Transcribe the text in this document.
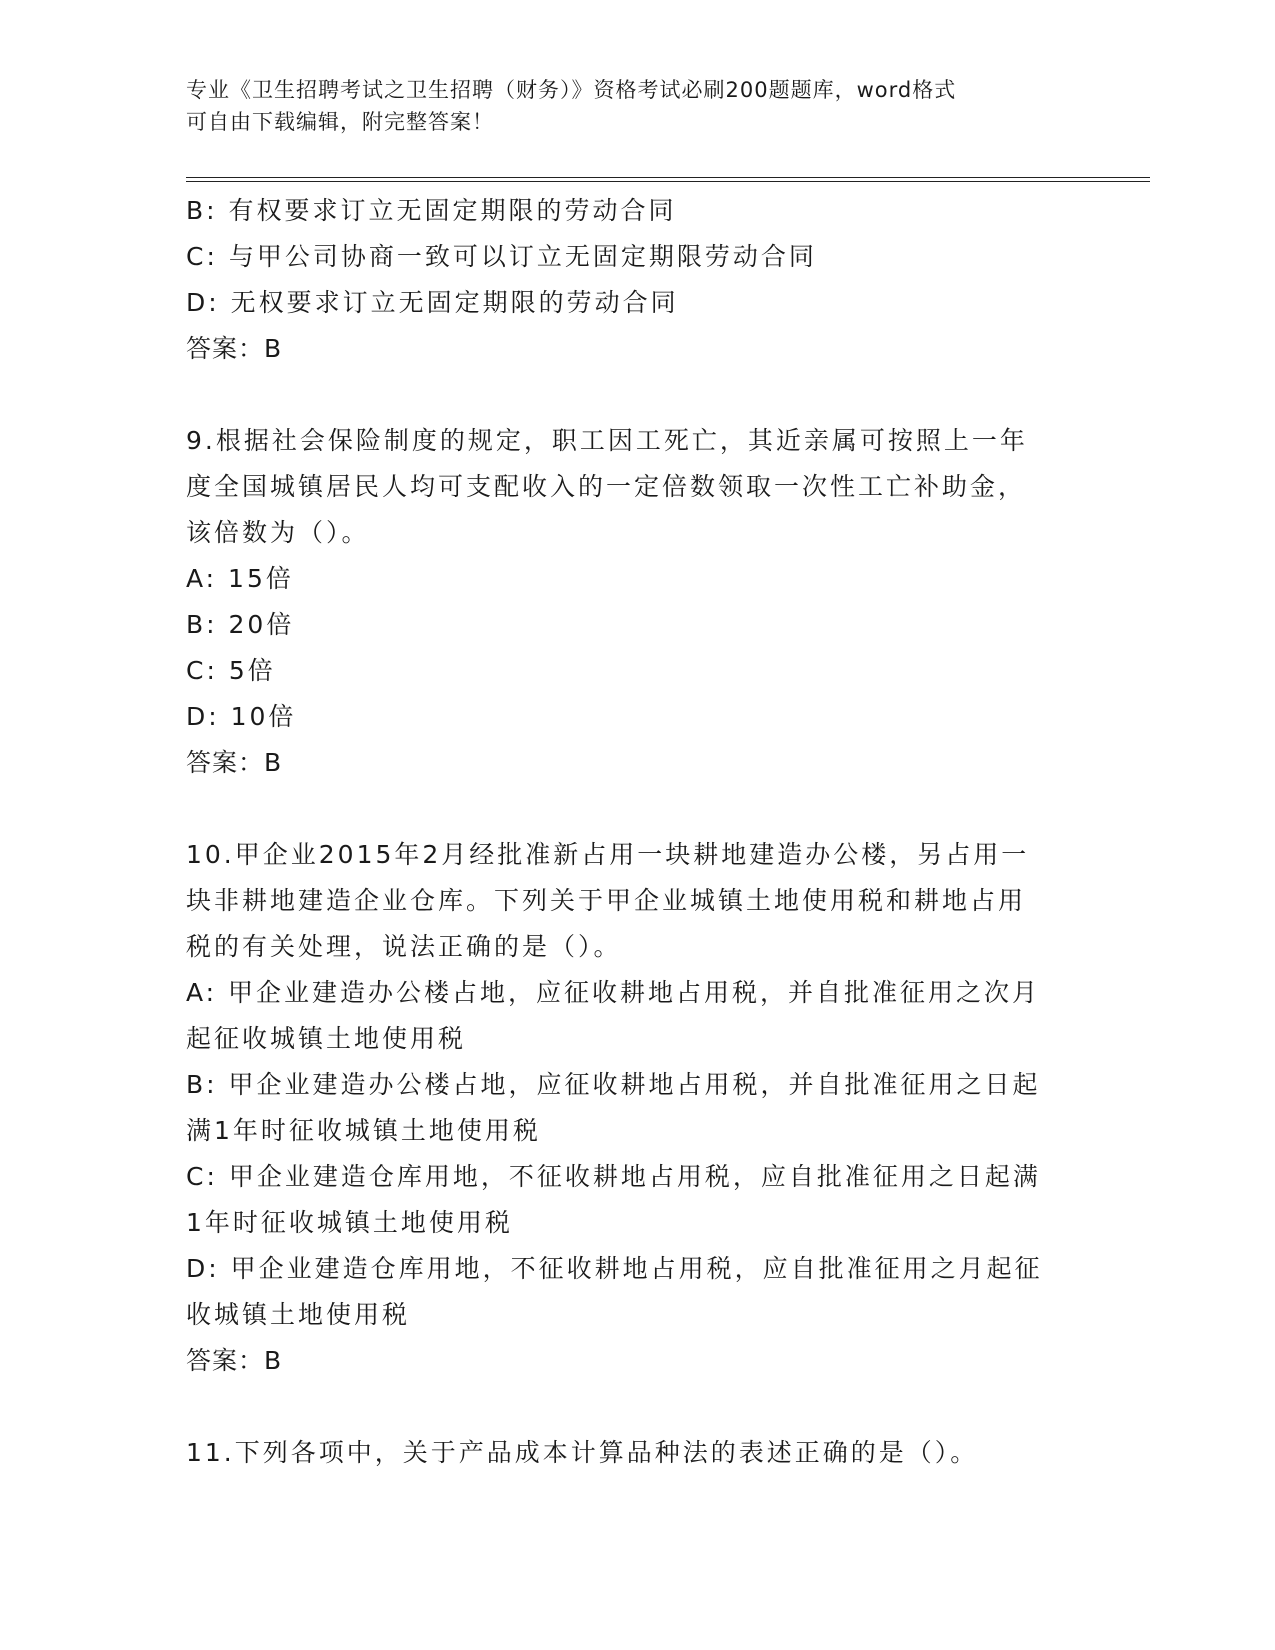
专业《卫生招聘考试之卫生招聘（财务）》资格考试必刷200题题库，word格式
可自由下载编辑，附完整答案！
B: 有权要求订立无固定期限的劳动合同
C: 与甲公司协商一致可以订立无固定期限劳动合同
D: 无权要求订立无固定期限的劳动合同
答案：B
9.根据社会保险制度的规定，职工因工死亡，其近亲属可按照上一年
度全国城镇居民人均可支配收入的一定倍数领取一次性工亡补助金，
该倍数为（）。
A: 15倍
B: 20倍
C: 5倍
D: 10倍
答案：B
10.甲企业2015年2月经批准新占用一块耕地建造办公楼，另占用一
块非耕地建造企业仓库。下列关于甲企业城镇土地使用税和耕地占用
税的有关处理，说法正确的是（）。
A: 甲企业建造办公楼占地，应征收耕地占用税，并自批准征用之次月
起征收城镇土地使用税
B: 甲企业建造办公楼占地，应征收耕地占用税，并自批准征用之日起
满1年时征收城镇土地使用税
C: 甲企业建造仓库用地，不征收耕地占用税，应自批准征用之日起满
1年时征收城镇土地使用税
D: 甲企业建造仓库用地，不征收耕地占用税，应自批准征用之月起征
收城镇土地使用税
答案：B
11.下列各项中，关于产品成本计算品种法的表述正确的是（）。
